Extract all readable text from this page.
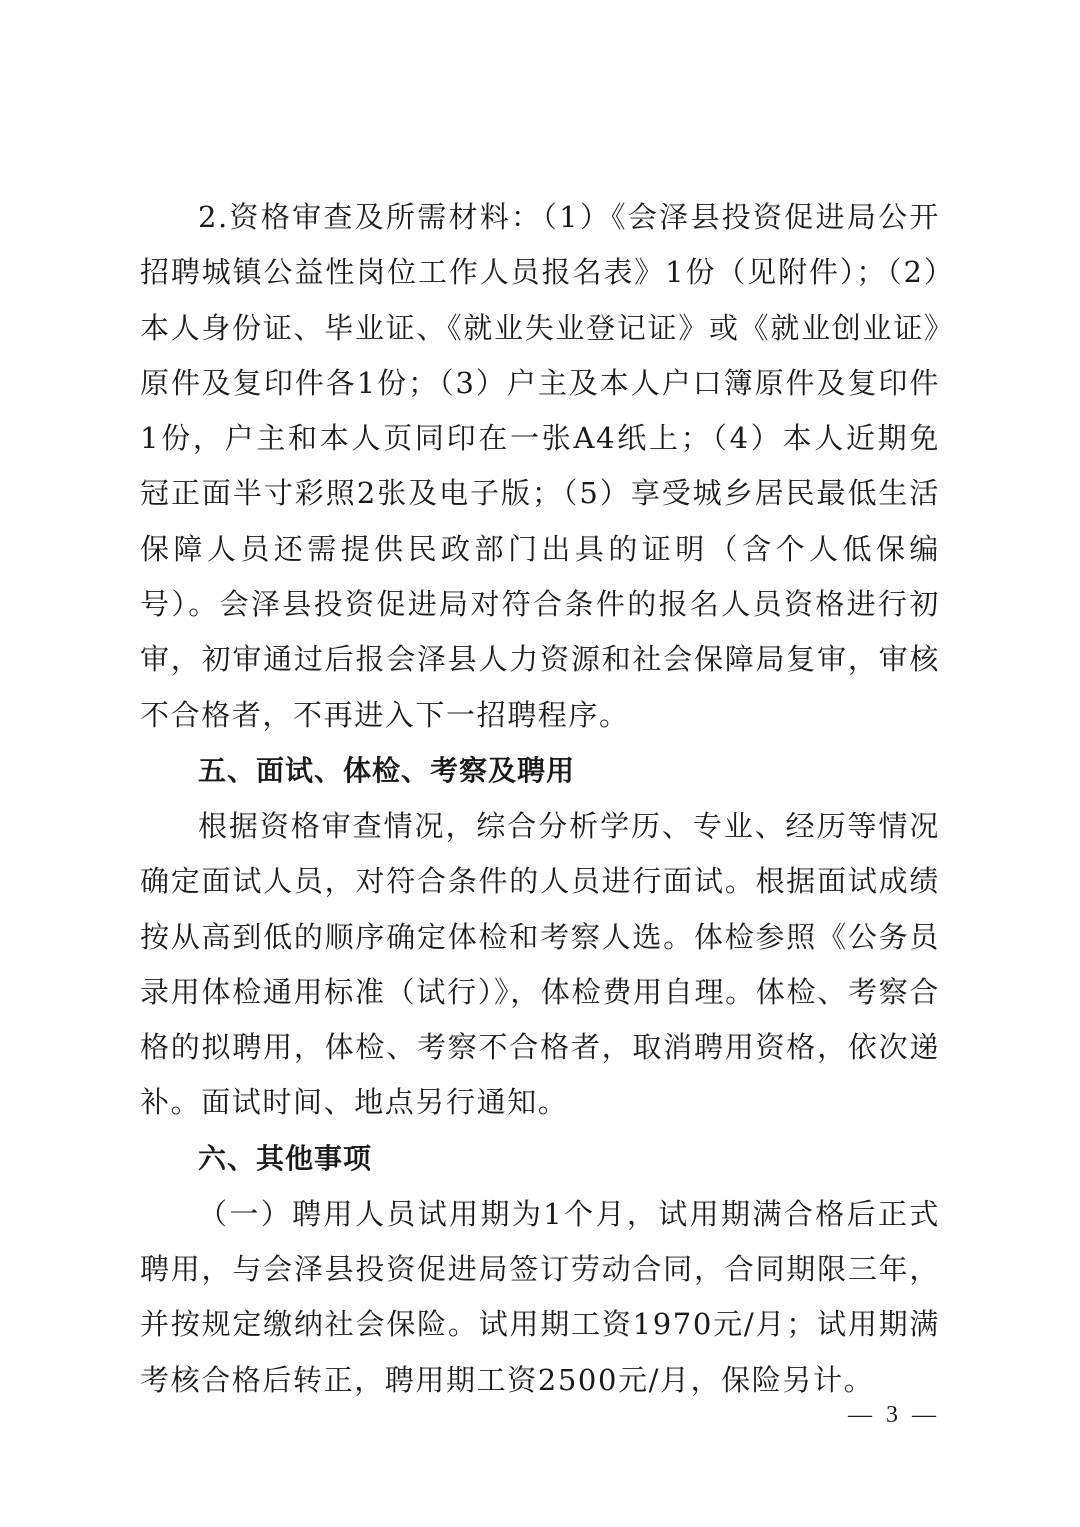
2.资格审查及所需材料：（1）《会泽县投资促进局公开招聘城镇公益性岗位工作人员报名表》1份（见附件）；（2）本人身份证、毕业证、《就业失业登记证》或《就业创业证》原件及复印件各1份；（3）户主及本人户口簿原件及复印件1份，户主和本人页同印在一张A4纸上；（4）本人近期免冠正面半寸彩照2张及电子版；（5）享受城乡居民最低生活保障人员还需提供民政部门出具的证明（含个人低保编号）。会泽县投资促进局对符合条件的报名人员资格进行初审，初审通过后报会泽县人力资源和社会保障局复审，审核不合格者，不再进入下一招聘程序。

五、面试、体检、考察及聘用

根据资格审查情况，综合分析学历、专业、经历等情况确定面试人员，对符合条件的人员进行面试。根据面试成绩按从高到低的顺序确定体检和考察人选。体检参照《公务员录用体检通用标准（试行）》，体检费用自理。体检、考察合格的拟聘用，体检、考察不合格者，取消聘用资格，依次递补。面试时间、地点另行通知。

六、其他事项

（一）聘用人员试用期为1个月，试用期满合格后正式聘用，与会泽县投资促进局签订劳动合同，合同期限三年，并按规定缴纳社会保险。试用期工资1970元/月；试用期满考核合格后转正，聘用期工资2500元/月，保险另计。

— 3 —
